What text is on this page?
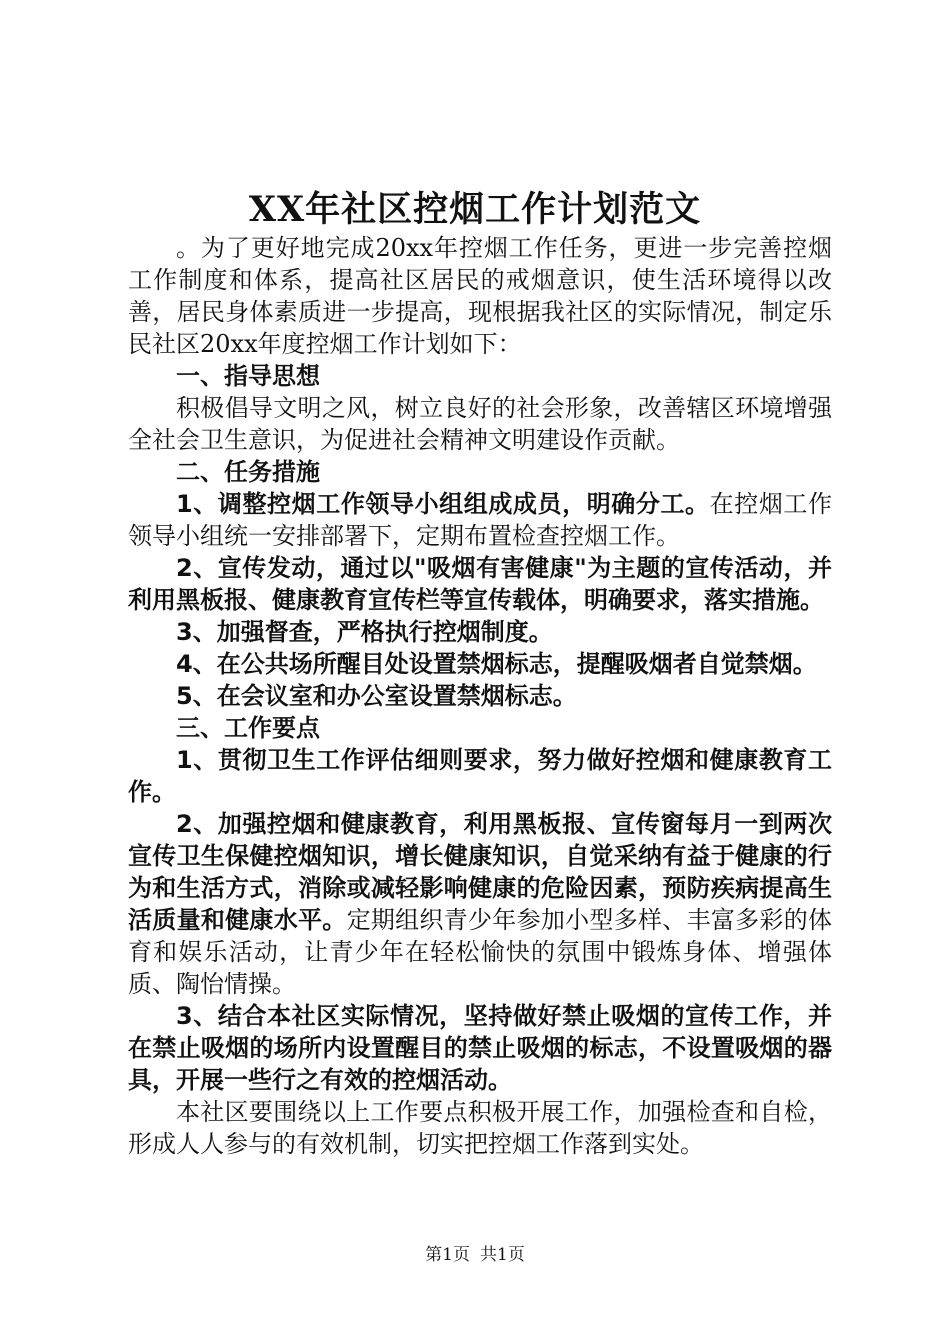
XX年社区控烟工作计划范文

。为了更好地完成20xx年控烟工作任务，更进一步完善控烟工作制度和体系，提高社区居民的戒烟意识，使生活环境得以改善，居民身体素质进一步提高，现根据我社区的实际情况，制定乐民社区20xx年度控烟工作计划如下：

一、指导思想

积极倡导文明之风，树立良好的社会形象，改善辖区环境增强全社会卫生意识，为促进社会精神文明建设作贡献。

二、任务措施

1、调整控烟工作领导小组组成成员，明确分工。在控烟工作领导小组统一安排部署下，定期布置检查控烟工作。

2、宣传发动，通过以"吸烟有害健康"为主题的宣传活动，并利用黑板报、健康教育宣传栏等宣传载体，明确要求，落实措施。

3、加强督查，严格执行控烟制度。

4、在公共场所醒目处设置禁烟标志，提醒吸烟者自觉禁烟。

5、在会议室和办公室设置禁烟标志。

三、工作要点

1、贯彻卫生工作评估细则要求，努力做好控烟和健康教育工作。

2、加强控烟和健康教育，利用黑板报、宣传窗每月一到两次宣传卫生保健控烟知识，增长健康知识，自觉采纳有益于健康的行为和生活方式，消除或减轻影响健康的危险因素，预防疾病提高生活质量和健康水平。定期组织青少年参加小型多样、丰富多彩的体育和娱乐活动，让青少年在轻松愉快的氛围中锻炼身体、增强体质、陶怡情操。

3、结合本社区实际情况，坚持做好禁止吸烟的宣传工作，并在禁止吸烟的场所内设置醒目的禁止吸烟的标志，不设置吸烟的器具，开展一些行之有效的控烟活动。

本社区要围绕以上工作要点积极开展工作，加强检查和自检，形成人人参与的有效机制，切实把控烟工作落到实处。

第1页 共1页
